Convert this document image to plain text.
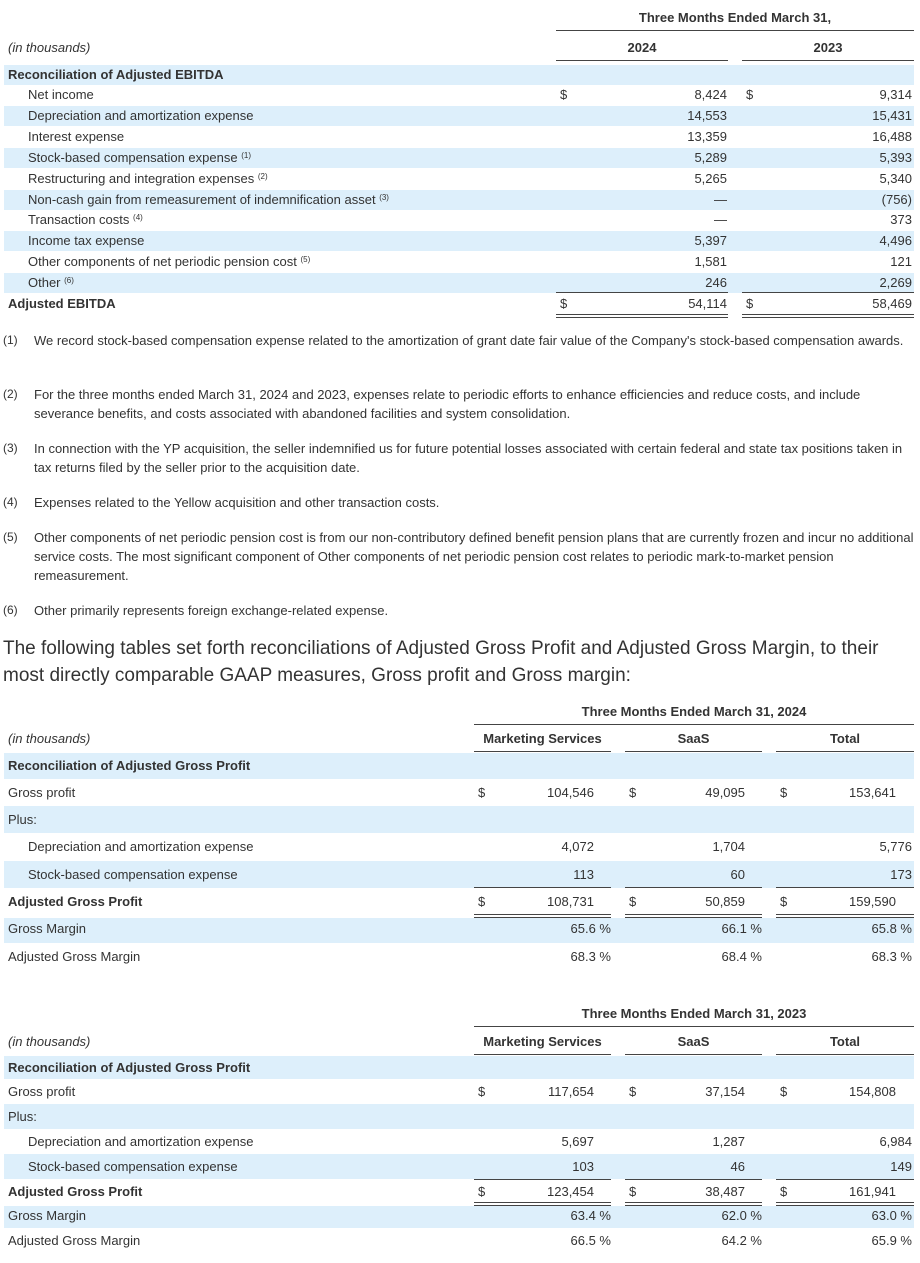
Three Months Ended March 31,
(in thousands)	2024	2023
Reconciliation of Adjusted EBITDA
Net income	$	8,424 $	9,314
Depreciation and amortization expense	14,553	15,431
Interest expense	13,359	16,488
Stock-based compensation expense $^{(1)}$	5,289	5,393
Restructuring and integration expenses $^{(2)}$	5,265	5,340
Non-cash gain from remeasurement of indemnification asset $^{(3)}$	—	(756)
Transaction costs $^{(4)}$	—	373
Income tax expense	5,397	4,496
Other components of net periodic pension cost $^{(5)}$	1,581	121
Other $^{(6)}$	246	2,269
Adjusted EBITDA	$	54,114 $	58,469
(1) We record stock-based compensation expense related to the amortization of grant date fair value of the Company's stock-based compensation awards.
(2) For the three months ended March 31, 2024 and 2023, expenses relate to periodic efforts to enhance efficiencies and reduce costs, and include severance benefits, and costs associated with abandoned facilities and system consolidation.
(3) In connection with the YP acquisition, the seller indemnified us for future potential losses associated with certain federal and state tax positions taken in tax returns filed by the seller prior to the acquisition date.
(4) Expenses related to the Yellow acquisition and other transaction costs.
(5) Other components of net periodic pension cost is from our non-contributory defined benefit pension plans that are currently frozen and incur no additional service costs. The most significant component of Other components of net periodic pension cost relates to periodic mark-to-market pension remeasurement.
(6) Other primarily represents foreign exchange-related expense.
The following tables set forth reconciliations of Adjusted Gross Profit and Adjusted Gross Margin, to their most directly comparable GAAP measures, Gross profit and Gross margin:
Three Months Ended March 31, 2024
(in thousands)	Marketing Services	SaaS	Total
Reconciliation of Adjusted Gross Profit
Gross profit	$	104,546	$	49,095	$	153,641
Plus:
Depreciation and amortization expense	4,072	1,704	5,776
Stock-based compensation expense	113	60	173
Adjusted Gross Profit	$	108,731	$	50,859	$	159,590
Gross Margin	65.6 %	66.1 %	65.8 %
Adjusted Gross Margin	68.3 %	68.4 %	68.3 %
Three Months Ended March 31, 2023
(in thousands)	Marketing Services	SaaS	Total
Reconciliation of Adjusted Gross Profit
Gross profit	$	117,654	$	37,154	$	154,808
Plus:
Depreciation and amortization expense	5,697	1,287	6,984
Stock-based compensation expense	103	46	149
Adjusted Gross Profit	$	123,454	$	38,487	$	161,941
Gross Margin	63.4 %	62.0 %	63.0 %
Adjusted Gross Margin	66.5 %	64.2 %	65.9 %
